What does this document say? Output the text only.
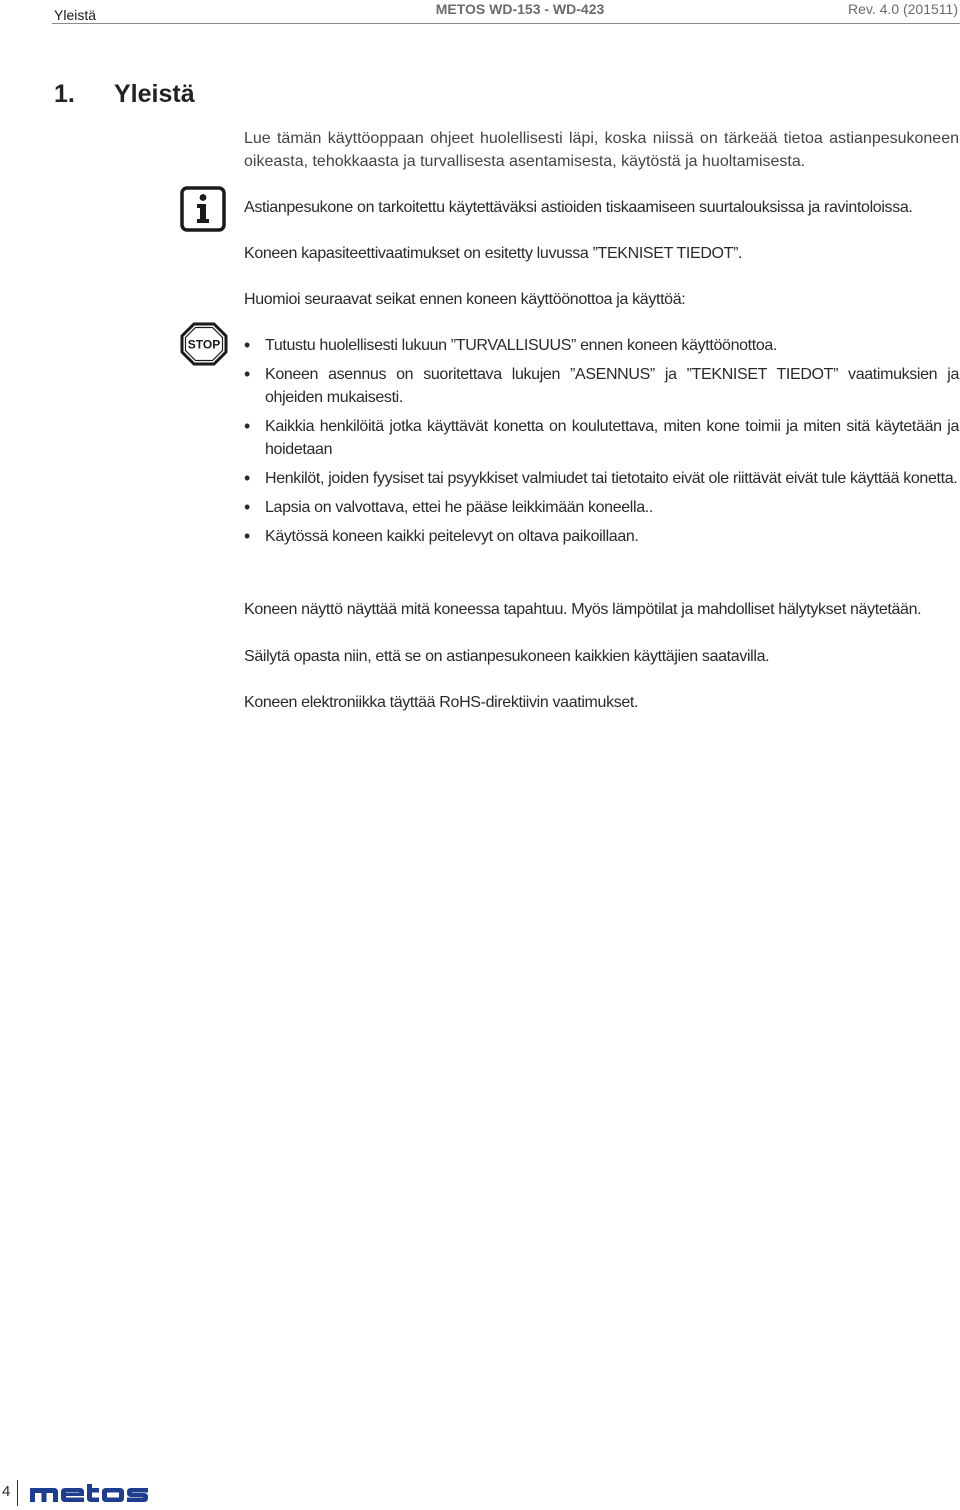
Yleistä	METOS WD-153 - WD-423	Rev. 4.0 (201511)
1. Yleistä
Lue tämän käyttöoppaan ohjeet huolellisesti läpi, koska niissä on tärkeää tietoa astianpesukoneen oikeasta, tehokkaasta ja turvallisesta asentamisesta, käytöstä ja huoltamisesta.
Astianpesukone on tarkoitettu käytettäväksi astioiden tiskaamiseen suurtalouksissa ja ravintoloissa.
Koneen kapasiteettivaatimukset on esitetty luvussa ”TEKNISET TIEDOT”.
Huomioi seuraavat seikat ennen koneen käyttöönottoa ja käyttöä:
STOP
•	Tutustu huolellisesti lukuun ”TURVALLISUUS” ennen koneen käyttöönottoa.
• Koneen asennus on suoritettava lukujen ”ASENNUS” ja ”TEKNISET TIEDOT” vaatimuksien ja ohjeiden mukaisesti.
• Kaikkia henkilöitä jotka käyttävät konetta on koulutettava, miten kone toimii ja miten sitä käytetään ja hoidetaan
• Henkilöt, joiden fyysiset tai psyykkiset valmiudet tai tietotaito eivät ole riittävät eivät tule käyttää konetta.
• Lapsia on valvottava, ettei he pääse leikkimään koneella..
• Käytössä koneen kaikki peitelevyt on oltava paikoillaan.
Koneen näyttö näyttää mitä koneessa tapahtuu. Myös lämpötilat ja mahdolliset hälytykset näytetään.
Säilytä opasta niin, että se on astianpesukoneen kaikkien käyttäjien saatavilla.
Koneen elektroniikka täyttää RoHS-direktiivin vaatimukset.
4
